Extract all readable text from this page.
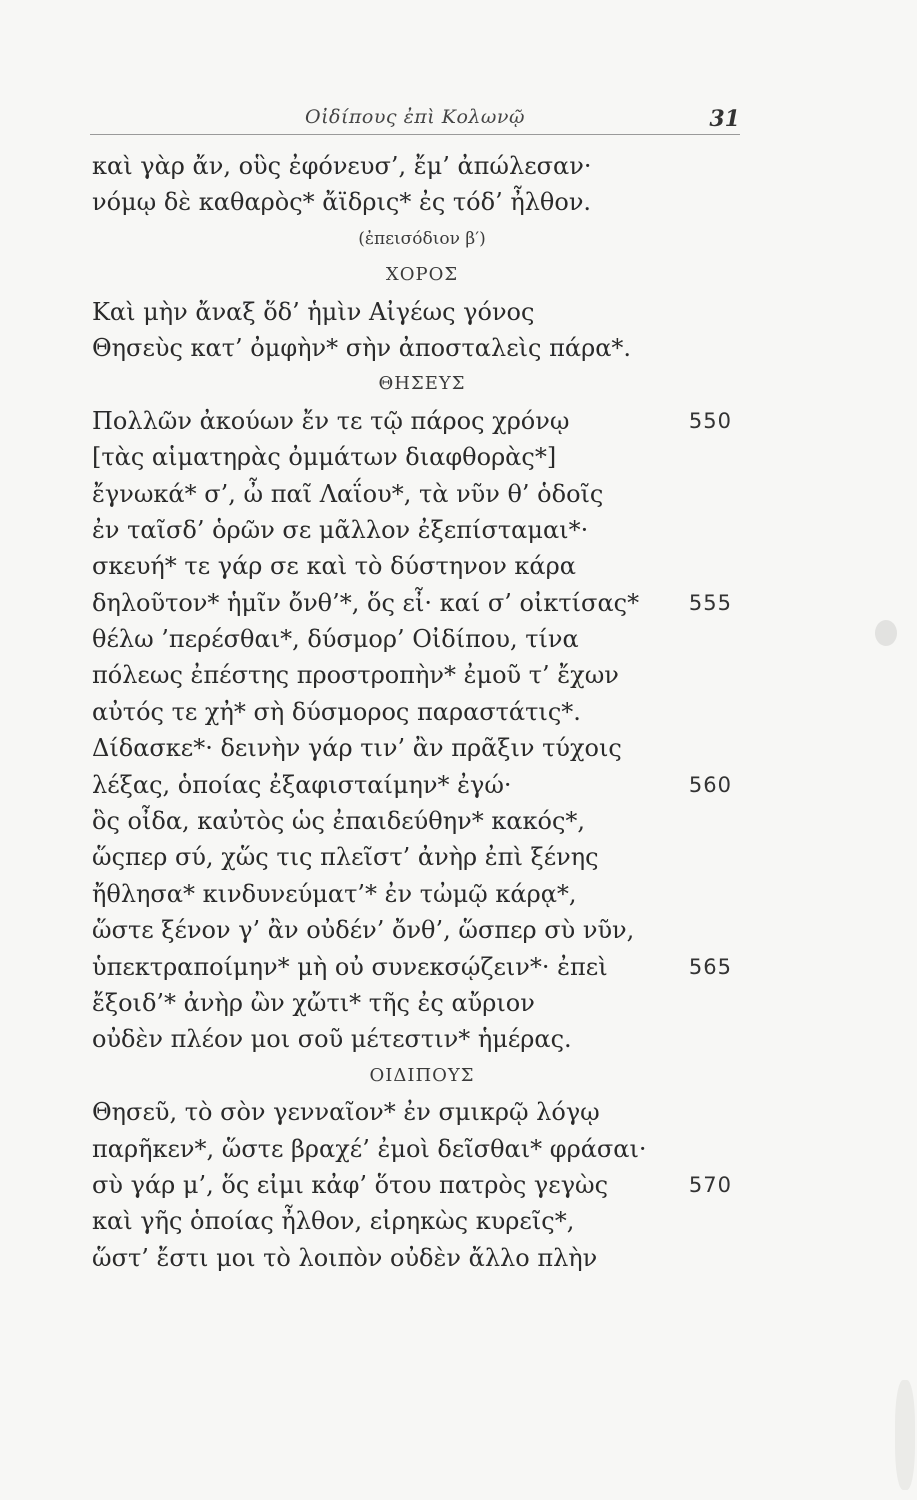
Οἰδίπους ἐπὶ Κολωνῷ	31
καὶ γὰρ ἄν, οὓς ἐφόνευσ’, ἔμ’ ἀπώλεσαν·
νόμῳ δὲ καθαρὸς* ἄϊδρις* ἐς τόδ’ ἦλθον.
(ἐπεισόδιον β′)
ΧΟΡΟΣ
Καὶ μὴν ἄναξ ὅδ’ ἡμὶν Αἰγέως γόνος
Θησεὺς κατ’ ὀμφὴν* σὴν ἀποσταλεὶς πάρα*.
ΘΗΣΕΥΣ
Πολλῶν ἀκούων ἔν τε τῷ πάρος χρόνῳ	550
[τὰς αἱματηρὰς ὀμμάτων διαφθορὰς*]
ἔγνωκά* σ’, ὦ παῖ Λαΐου*, τὰ νῦν θ’ ὁδοῖς
ἐν ταῖσδ’ ὁρῶν σε μᾶλλον ἐξεπίσταμαι*·
σκευή* τε γάρ σε καὶ τὸ δύστηνον κάρα
δηλοῦτον* ἡμῖν ὄνθ’*, ὅς εἶ· καί σ’ οἰκτίσας* 555
θέλω ’περέσθαι*, δύσμορ’ Οἰδίπου, τίνα
πόλεως ἐπέστης προστροπὴν* ἐμοῦ τ’ ἔχων
αὐτός τε χἠ* σὴ δύσμορος παραστάτις*.
Δίδασκε*· δεινὴν γάρ τιν’ ἂν πρᾶξιν τύχοις
λέξας, ὁποίας ἐξαφισταίμην* ἐγώ·	560
ὃς οἶδα, καὐτὸς ὡς ἐπαιδεύθην* κακός*,
ὥςπερ σύ, χὥς τις πλεῖστ’ ἀνὴρ ἐπὶ ξένης
ἤθλησα* κινδυνεύματ’* ἐν τὠμῷ κάρᾳ*,
ὥστε ξένον γ’ ἂν οὐδέν’ ὄνθ’, ὥσπερ σὺ νῦν,
ὑπεκτραποίμην* μὴ οὐ συνεκσῴζειν*· ἐπεὶ	565
ἔξοιδ’* ἀνὴρ ὢν χὤτι* τῆς ἐς αὔριον
οὐδὲν πλέον μοι σοῦ μέτεστιν* ἡμέρας.
ΟΙΔΙΠΟΥΣ
Θησεῦ, τὸ σὸν γενναῖον* ἐν σμικρῷ λόγῳ
παρῆκεν*, ὥστε βραχέ’ ἐμοὶ δεῖσθαι* φράσαι·
σὺ γάρ μ’, ὅς εἰμι κἀφ’ ὅτου πατρὸς γεγὼς	570
καὶ γῆς ὁποίας ἦλθον, εἰρηκὼς κυρεῖς*,
ὥστ’ ἔστι μοι τὸ λοιπὸν οὐδὲν ἄλλο πλὴν
